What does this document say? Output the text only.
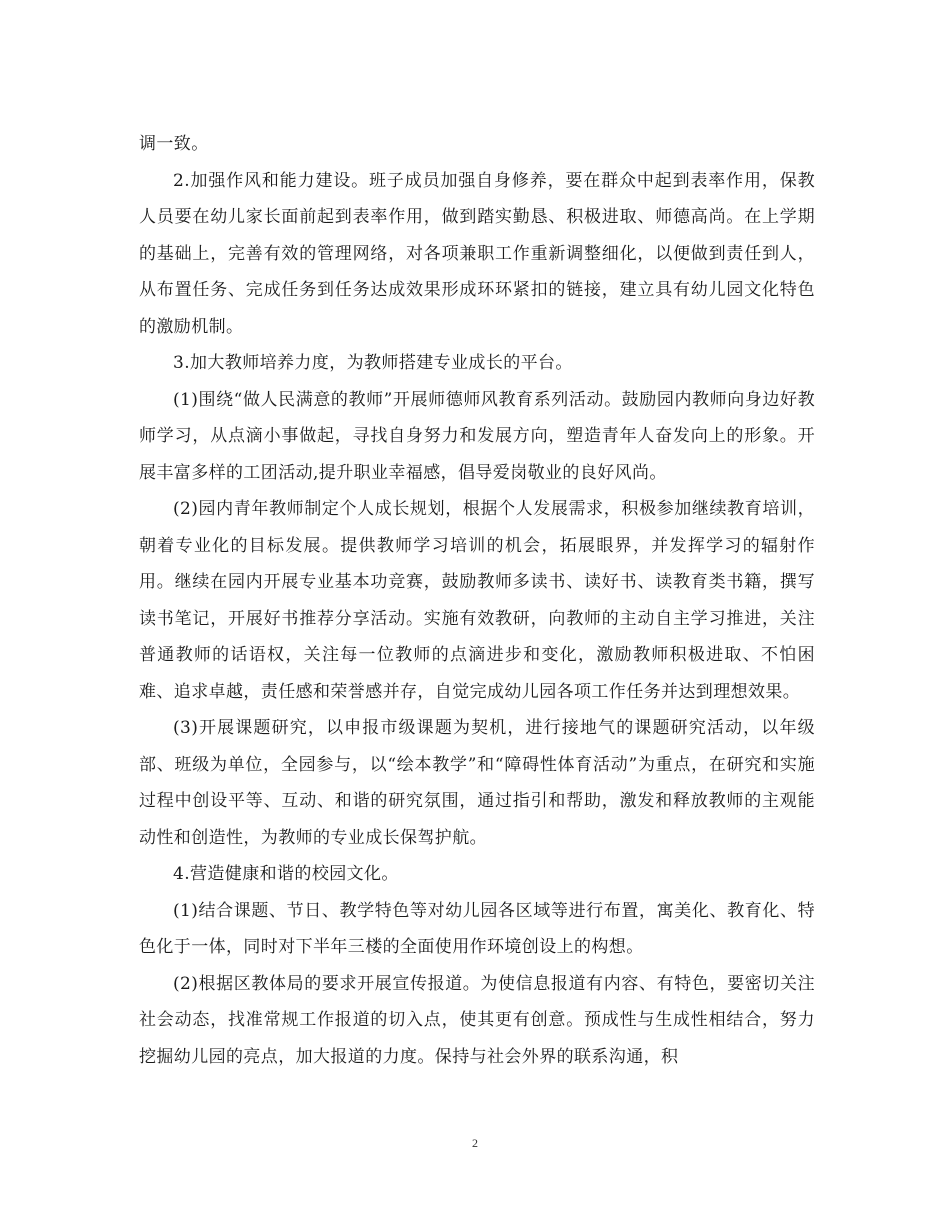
调一致。

2.加强作风和能力建设。班子成员加强自身修养，要在群众中起到表率作用，保教人员要在幼儿家长面前起到表率作用，做到踏实勤恳、积极进取、师德高尚。在上学期的基础上，完善有效的管理网络，对各项兼职工作重新调整细化，以便做到责任到人，从布置任务、完成任务到任务达成效果形成环环紧扣的链接，建立具有幼儿园文化特色的激励机制。

3.加大教师培养力度，为教师搭建专业成长的平台。

(1)围绕“做人民满意的教师”开展师德师风教育系列活动。鼓励园内教师向身边好教师学习，从点滴小事做起，寻找自身努力和发展方向，塑造青年人奋发向上的形象。开展丰富多样的工团活动,提升职业幸福感，倡导爱岗敬业的良好风尚。

(2)园内青年教师制定个人成长规划，根据个人发展需求，积极参加继续教育培训，朝着专业化的目标发展。提供教师学习培训的机会，拓展眼界，并发挥学习的辐射作用。继续在园内开展专业基本功竞赛，鼓励教师多读书、读好书、读教育类书籍，撰写读书笔记，开展好书推荐分享活动。实施有效教研，向教师的主动自主学习推进，关注普通教师的话语权，关注每一位教师的点滴进步和变化，激励教师积极进取、不怕困难、追求卓越，责任感和荣誉感并存，自觉完成幼儿园各项工作任务并达到理想效果。

(3)开展课题研究，以申报市级课题为契机，进行接地气的课题研究活动，以年级部、班级为单位，全园参与，以“绘本教学”和“障碍性体育活动”为重点，在研究和实施过程中创设平等、互动、和谐的研究氛围，通过指引和帮助，激发和释放教师的主观能动性和创造性，为教师的专业成长保驾护航。

4.营造健康和谐的校园文化。

(1)结合课题、节日、教学特色等对幼儿园各区域等进行布置，寓美化、教育化、特色化于一体，同时对下半年三楼的全面使用作环境创设上的构想。

(2)根据区教体局的要求开展宣传报道。为使信息报道有内容、有特色，要密切关注社会动态，找准常规工作报道的切入点，使其更有创意。预成性与生成性相结合，努力挖掘幼儿园的亮点，加大报道的力度。保持与社会外界的联系沟通，积

2
